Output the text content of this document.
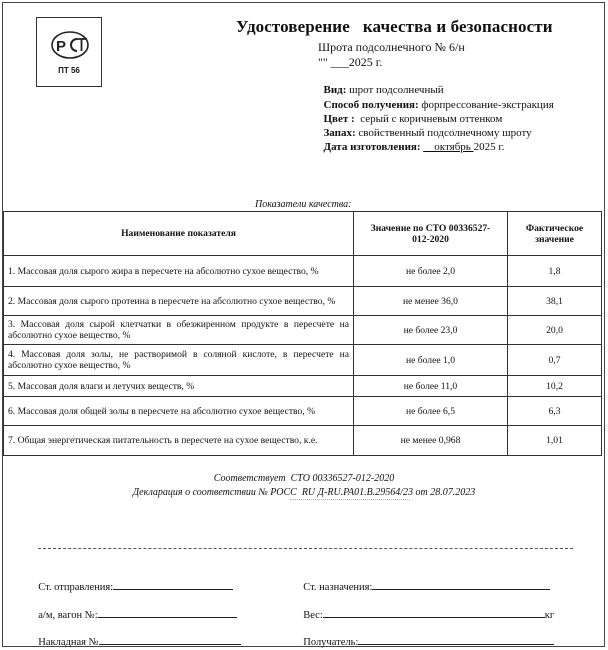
P
ПТ 56
Удостоверение   качества и безопасности
Шрота подсолнечного № 6/н
"" ___2025 г.

Вид: шрот подсолнечный

Способ получения: форпрессование-экстракция

Цвет :  серый с коричневым оттенком

Запах: свойственный подсолнечному шроту

Дата изготовления:     октябрь 2025 г.

Показатели качества:
Наименование показателя	Значение по СТО 00336527-012-2020	Фактическое значение
1. Массовая доля сырого жира в пересчете на абсолютно сухое вещество, %	не более 2,0	1,8
2. Массовая доля сырого протеина в пересчете на абсолютно сухое вещество, %	не менее 36,0	38,1
3. Массовая доля сырой клетчатки в обезжиренном продукте в пересчете на абсолютно сухое вещество, %	не более 23,0	20,0
4. Массовая доля золы, не растворимой в соляной кислоте, в пересчете на абсолютно сухое вещество, %	не более 1,0	0,7
5. Массовая доля влаги и летучих веществ, %	не более 11,0	10,2
6. Массовая доля общей золы в пересчете на абсолютно сухое вещество, %	не более 6,5	6,3
7. Общая энергетическая питательность в пересчете на сухое вещество, к.е.	не менее 0,968	1,01
Соответствует  СТО 00336527-012-2020
Декларация о соответствии № РОСС  RU Д-RU.PA01.B.29564/23 от 28.07.2023

Ст. отправления:	Ст. назначения:

а/м, вагон №:	Вес:	кг

Накладная №	Получатель:
